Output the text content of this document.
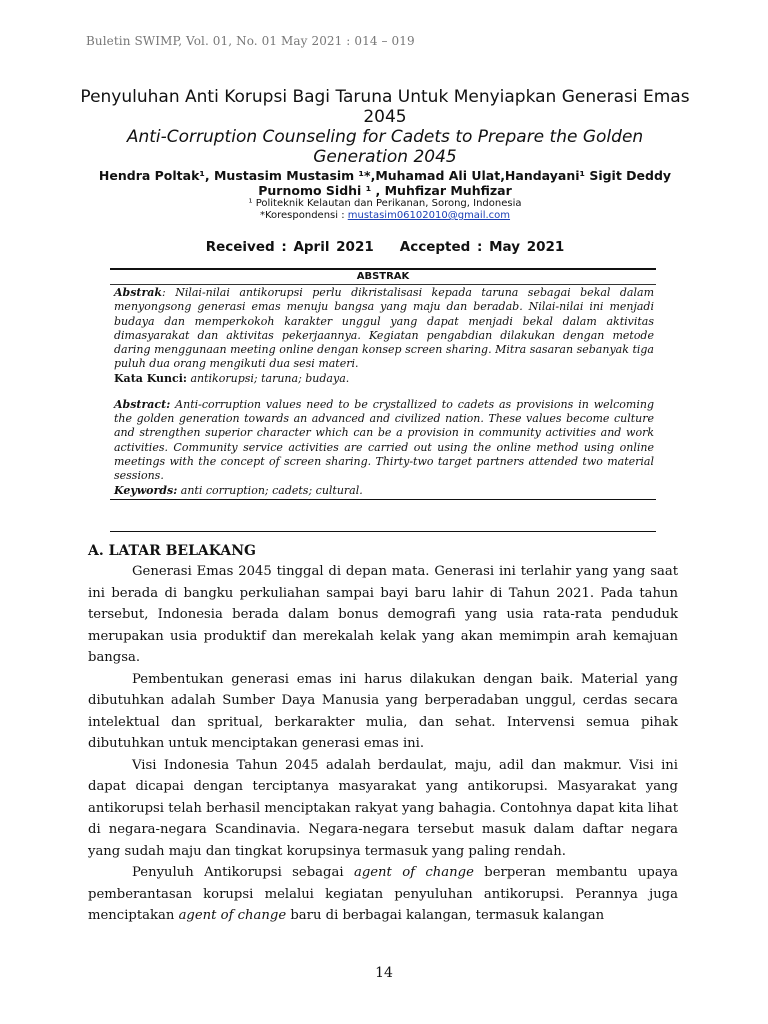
Buletin SWIMP, Vol. 01, No. 01 May 2021 : 014 – 019
Penyuluhan Anti Korupsi Bagi Taruna Untuk Menyiapkan Generasi Emas 2045
Anti-Corruption Counseling for Cadets to Prepare the Golden Generation 2045
Hendra Poltak¹, Mustasim Mustasim ¹*,Muhamad Ali Ulat,Handayani¹ Sigit Deddy Purnomo Sidhi ¹ , Muhfizar Muhfizar
¹ Politeknik Kelautan dan Perikanan, Sorong, Indonesia
*Korespondensi : mustasim06102010@gmail.com
Received : April 2021 Accepted : May 2021
ABSTRAK
Abstrak: Nilai-nilai antikorupsi perlu dikristalisasi kepada taruna sebagai bekal dalam menyongsong generasi emas menuju bangsa yang maju dan beradab. Nilai-nilai ini menjadi budaya dan memperkokoh karakter unggul yang dapat menjadi bekal dalam aktivitas dimasyarakat dan aktivitas pekerjaannya. Kegiatan pengabdian dilakukan dengan metode daring menggunaan meeting online dengan konsep screen sharing. Mitra sasaran sebanyak tiga puluh dua orang mengikuti dua sesi materi.
Kata Kunci: antikorupsi; taruna; budaya.
Abstract: Anti-corruption values need to be crystallized to cadets as provisions in welcoming the golden generation towards an advanced and civilized nation. These values become culture and strengthen superior character which can be a provision in community activities and work activities. Community service activities are carried out using the online method using online meetings with the concept of screen sharing. Thirty-two target partners attended two material sessions.
Keywords: anti corruption; cadets; cultural.
A. LATAR BELAKANG

Generasi Emas 2045 tinggal di depan mata. Generasi ini terlahir yang yang saat ini berada di bangku perkuliahan sampai bayi baru lahir di Tahun 2021. Pada tahun tersebut, Indonesia berada dalam bonus demografi yang usia rata-rata penduduk merupakan usia produktif dan merekalah kelak yang akan memimpin arah kemajuan bangsa.

Pembentukan generasi emas ini harus dilakukan dengan baik. Material yang dibutuhkan adalah Sumber Daya Manusia yang berperadaban unggul, cerdas secara intelektual dan spritual, berkarakter mulia, dan sehat. Intervensi semua pihak dibutuhkan untuk menciptakan generasi emas ini.

Visi Indonesia Tahun 2045 adalah berdaulat, maju, adil dan makmur. Visi ini dapat dicapai dengan terciptanya masyarakat yang antikorupsi. Masyarakat yang antikorupsi telah berhasil menciptakan rakyat yang bahagia. Contohnya dapat kita lihat di negara-negara Scandinavia. Negara-negara tersebut masuk dalam daftar negara yang sudah maju dan tingkat korupsinya termasuk yang paling rendah.

Penyuluh Antikorupsi sebagai agent of change berperan membantu upaya pemberantasan korupsi melalui kegiatan penyuluhan antikorupsi. Perannya juga menciptakan agent of change baru di berbagai kalangan, termasuk kalangan

14
